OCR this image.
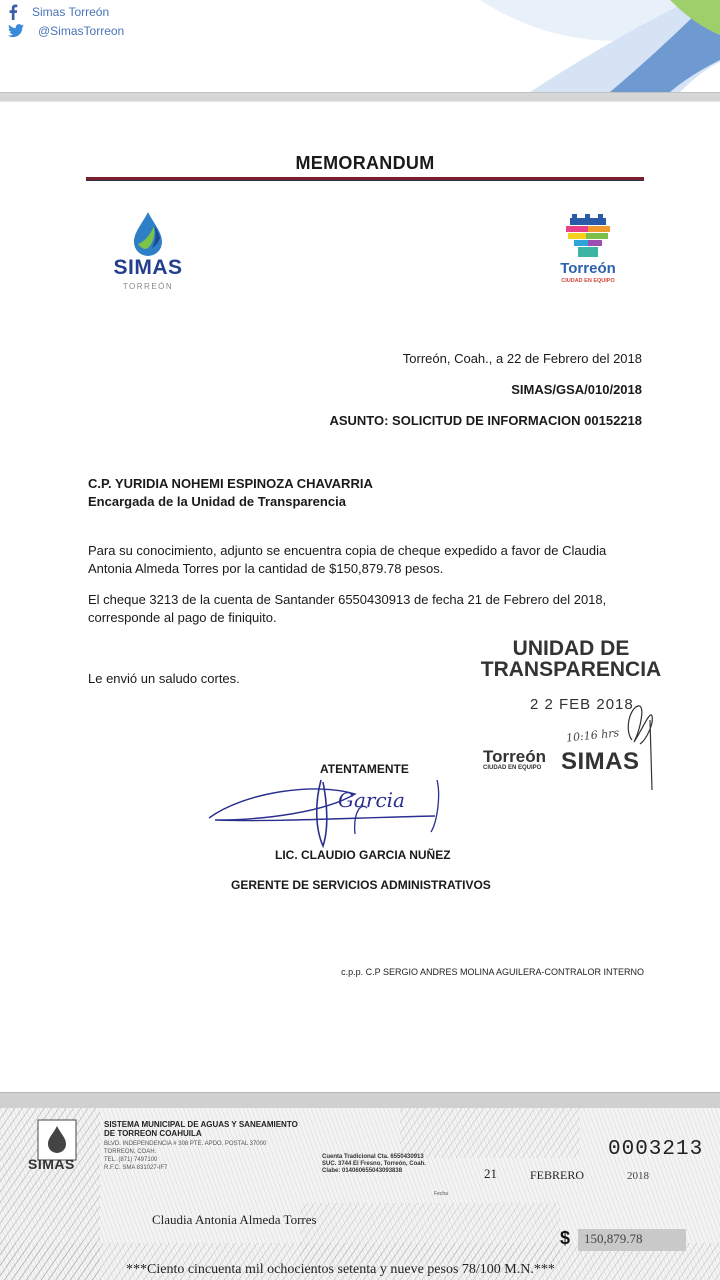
Simas Torreón
@SimasTorreon
MEMORANDUM
SIMAS
TORREÓN
Torreón
CIUDAD EN EQUIPO
Torreón, Coah., a 22 de Febrero del 2018
SIMAS/GSA/010/2018
ASUNTO: SOLICITUD DE INFORMACION 00152218
C.P. YURIDIA NOHEMI ESPINOZA CHAVARRIA
Encargada de la Unidad de Transparencia
Para su conocimiento, adjunto se encuentra copia de cheque expedido a favor de Claudia
Antonia Almeda Torres por la cantidad de $150,879.78 pesos.
El cheque 3213 de la cuenta de Santander 6550430913 de fecha 21 de Febrero del 2018,
corresponde al pago de finiquito.
Le envió un saludo cortes.
UNIDAD DE
TRANSPARENCIA
2 2 FEB 2018
10:16 hrs
Torreón
CIUDAD EN EQUIPO SIMAS
ATENTAMENTE
Garcia
LIC. CLAUDIO GARCIA NUÑEZ
GERENTE DE SERVICIOS ADMINISTRATIVOS
c.p.p. C.P SERGIO ANDRES MOLINA AGUILERA-CONTRALOR INTERNO
SIMAS
SISTEMA MUNICIPAL DE AGUAS Y SANEAMIENTO
DE TORREON COAHUILA
BLVD. INDEPENDENCIA # 308 PTE. APDO. POSTAL 37000
TORREON, COAH.
TEL. (871) 7497100
R.F.C. SMA 831027-IF7
Cuenta Tradicional Cta. 6550430913
SUC. 3744 El Fresno, Torreón, Coah.
Clabe: 014060655043093838
0003213
21	FEBRERO	2018
Fecha
Claudia Antonia Almeda Torres
$	150,879.78
***Ciento cincuenta mil ochocientos setenta y nueve pesos 78/100 M.N.***
